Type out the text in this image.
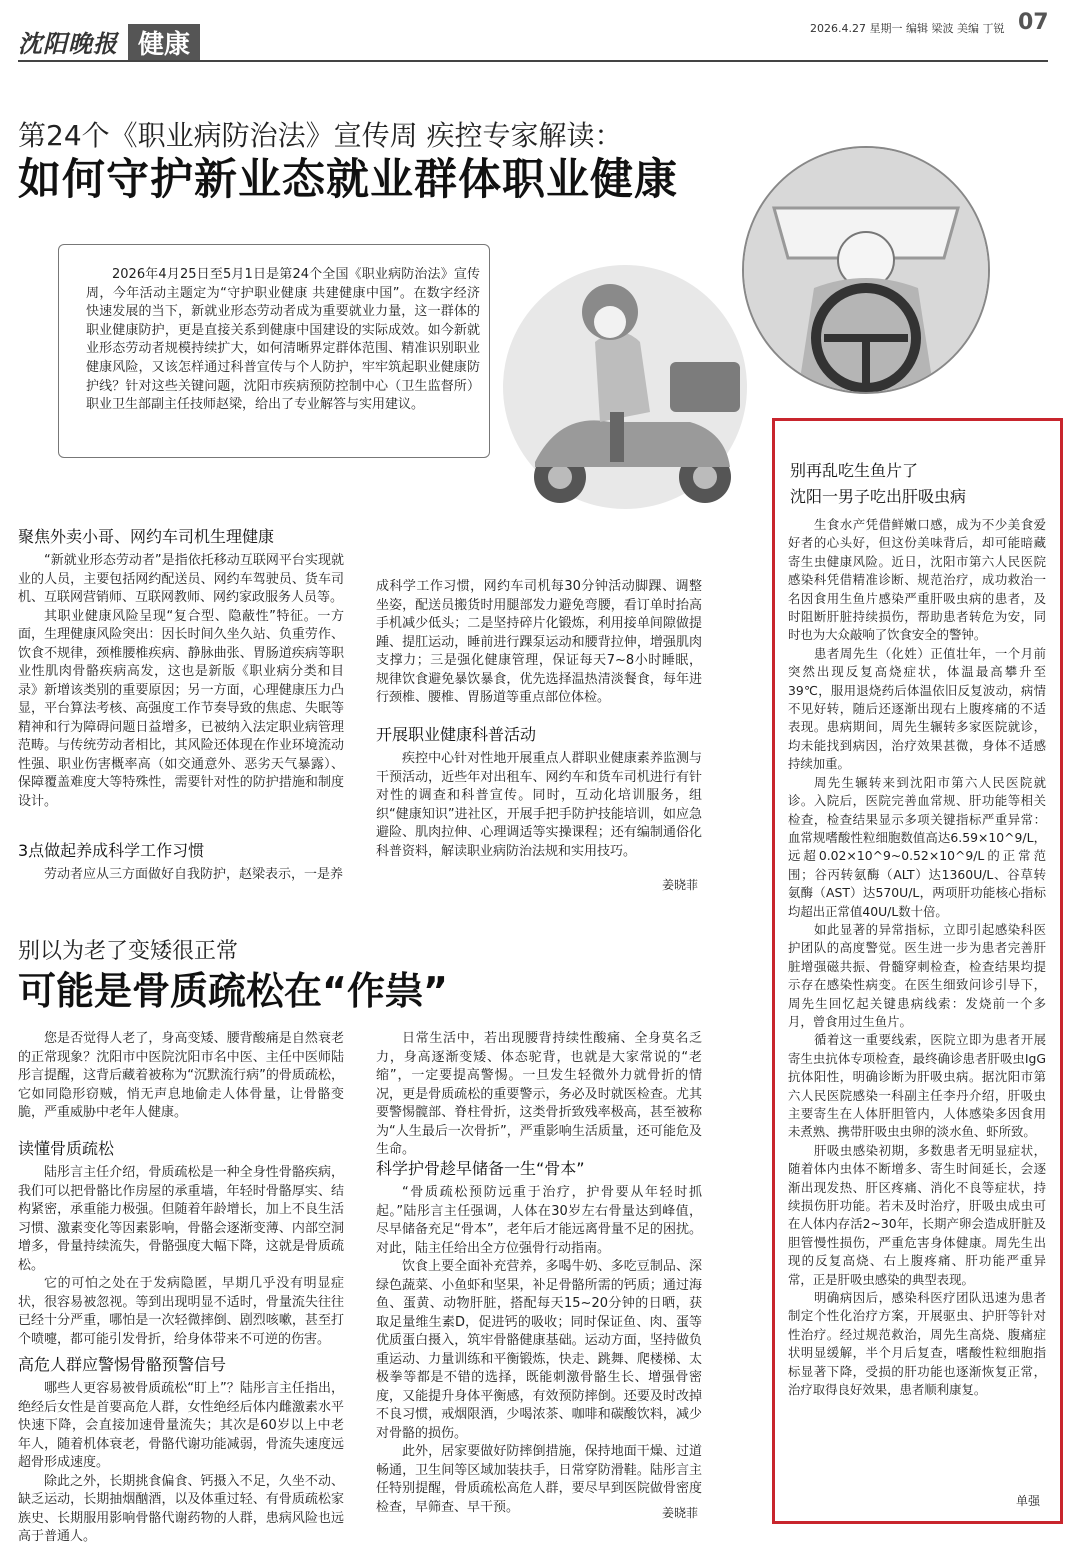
沈阳晚报 健康
2026.4.27 星期一 编辑 梁波 美编 丁锐 07
第24个《职业病防治法》宣传周 疾控专家解读：
如何守护新业态就业群体职业健康
2026年4月25日至5月1日是第24个全国《职业病防治法》宣传周，今年活动主题定为“守护职业健康 共建健康中国”。在数字经济快速发展的当下，新就业形态劳动者成为重要就业力量，这一群体的职业健康防护，更是直接关系到健康中国建设的实际成效。如今新就业形态劳动者规模持续扩大，如何清晰界定群体范围、精准识别职业健康风险，又该怎样通过科普宣传与个人防护，牢牢筑起职业健康防护线？针对这些关键问题，沈阳市疾病预防控制中心（卫生监督所）职业卫生部副主任技师赵梁，给出了专业解答与实用建议。
聚焦外卖小哥、网约车司机生理健康

“新就业形态劳动者”是指依托移动互联网平台实现就业的人员，主要包括网约配送员、网约车驾驶员、货车司机、互联网营销师、互联网教师、网约家政服务人员等。

其职业健康风险呈现“复合型、隐蔽性”特征。一方面，生理健康风险突出：因长时间久坐久站、负重劳作、饮食不规律，颈椎腰椎疾病、静脉曲张、胃肠道疾病等职业性肌肉骨骼疾病高发，这也是新版《职业病分类和目录》新增该类别的重要原因；另一方面，心理健康压力凸显，平台算法考核、高强度工作节奏导致的焦虑、失眠等精神和行为障碍问题日益增多，已被纳入法定职业病管理范畴。与传统劳动者相比，其风险还体现在作业环境流动性强、职业伤害概率高（如交通意外、恶劣天气暴露）、保障覆盖难度大等特殊性，需要针对性的防护措施和制度设计。

3点做起养成科学工作习惯

劳动者应从三方面做好自我防护，赵梁表示，一是养

成科学工作习惯，网约车司机每30分钟活动脚踝、调整坐姿，配送员搬货时用腿部发力避免弯腰，看订单时抬高手机减少低头；二是坚持碎片化锻炼，利用接单间隙做提踵、提肛运动，睡前进行踝泵运动和腰背拉伸，增强肌肉支撑力；三是强化健康管理，保证每天7~8小时睡眠，规律饮食避免暴饮暴食，优先选择温热清淡餐食，每年进行颈椎、腰椎、胃肠道等重点部位体检。

开展职业健康科普活动

疾控中心针对性地开展重点人群职业健康素养监测与干预活动，近些年对出租车、网约车和货车司机进行有针对性的调查和科普宣传。同时，互动化培训服务，组织“健康知识”进社区，开展手把手防护技能培训，如应急避险、肌肉拉伸、心理调适等实操课程；还有编制通俗化科普资料，解读职业病防治法规和实用技巧。

姜晓菲
别以为老了变矮很正常
可能是骨质疏松在“作祟”

您是否觉得人老了，身高变矮、腰背酸痛是自然衰老的正常现象？沈阳市中医院沈阳市名中医、主任中医师陆彤言提醒，这背后藏着被称为“沉默流行病”的骨质疏松，它如同隐形窃贼，悄无声息地偷走人体骨量，让骨骼变脆，严重威胁中老年人健康。

读懂骨质疏松

陆彤言主任介绍，骨质疏松是一种全身性骨骼疾病，我们可以把骨骼比作房屋的承重墙，年轻时骨骼厚实、结构紧密，承重能力极强。但随着年龄增长，加上不良生活习惯、激素变化等因素影响，骨骼会逐渐变薄、内部空洞增多，骨量持续流失，骨骼强度大幅下降，这就是骨质疏松。

它的可怕之处在于发病隐匿，早期几乎没有明显症状，很容易被忽视。等到出现明显不适时，骨量流失往往已经十分严重，哪怕是一次轻微摔倒、剧烈咳嗽，甚至打个喷嚏，都可能引发骨折，给身体带来不可逆的伤害。

高危人群应警惕骨骼预警信号

哪些人更容易被骨质疏松“盯上”？陆彤言主任指出，绝经后女性是首要高危人群，女性绝经后体内雌激素水平快速下降，会直接加速骨量流失；其次是60岁以上中老年人，随着机体衰老，骨骼代谢功能减弱，骨流失速度远超骨形成速度。

除此之外，长期挑食偏食、钙摄入不足，久坐不动、缺乏运动，长期抽烟酗酒，以及体重过轻、有骨质疏松家族史、长期服用影响骨骼代谢药物的人群，患病风险也远高于普通人。

日常生活中，若出现腰背持续性酸痛、全身莫名乏力，身高逐渐变矮、体态驼背，也就是大家常说的“老缩”，一定要提高警惕。一旦发生轻微外力就骨折的情况，更是骨质疏松的重要警示，务必及时就医检查。尤其要警惕髋部、脊柱骨折，这类骨折致残率极高，甚至被称为“人生最后一次骨折”，严重影响生活质量，还可能危及生命。

科学护骨趁早储备一生“骨本”

“骨质疏松预防远重于治疗，护骨要从年轻时抓起。”陆彤言主任强调，人体在30岁左右骨量达到峰值，尽早储备充足“骨本”，老年后才能远离骨量不足的困扰。对此，陆主任给出全方位强骨行动指南。

饮食上要全面补充营养，多喝牛奶、多吃豆制品、深绿色蔬菜、小鱼虾和坚果，补足骨骼所需的钙质；通过海鱼、蛋黄、动物肝脏，搭配每天15~20分钟的日晒，获取足量维生素D，促进钙的吸收；同时保证鱼、肉、蛋等优质蛋白摄入，筑牢骨骼健康基础。运动方面，坚持做负重运动、力量训练和平衡锻炼，快走、跳舞、爬楼梯、太极拳等都是不错的选择，既能刺激骨骼生长、增强骨密度，又能提升身体平衡感，有效预防摔倒。还要及时改掉不良习惯，戒烟限酒，少喝浓茶、咖啡和碳酸饮料，减少对骨骼的损伤。

此外，居家要做好防摔倒措施，保持地面干燥、过道畅通，卫生间等区域加装扶手，日常穿防滑鞋。陆彤言主任特别提醒，骨质疏松高危人群，要尽早到医院做骨密度检查，早筛查、早干预。	姜晓菲
别再乱吃生鱼片了
沈阳一男子吃出肝吸虫病

生食水产凭借鲜嫩口感，成为不少美食爱好者的心头好，但这份美味背后，却可能暗藏寄生虫健康风险。近日，沈阳市第六人民医院感染科凭借精准诊断、规范治疗，成功救治一名因食用生鱼片感染严重肝吸虫病的患者，及时阻断肝脏持续损伤，帮助患者转危为安，同时也为大众敲响了饮食安全的警钟。

患者周先生（化姓）正值壮年，一个月前突然出现反复高烧症状，体温最高攀升至39℃，服用退烧药后体温依旧反复波动，病情不见好转，随后还逐渐出现右上腹疼痛的不适表现。患病期间，周先生辗转多家医院就诊，均未能找到病因，治疗效果甚微，身体不适感持续加重。

周先生辗转来到沈阳市第六人民医院就诊。入院后，医院完善血常规、肝功能等相关检查，检查结果显示多项关键指标严重异常：血常规嗜酸性粒细胞数值高达6.59×10^9/L，远超0.02×10^9~0.52×10^9/L的正常范围；谷丙转氨酶（ALT）达1360U/L、谷草转氨酶（AST）达570U/L，两项肝功能核心指标均超出正常值40U/L数十倍。

如此显著的异常指标，立即引起感染科医护团队的高度警觉。医生进一步为患者完善肝脏增强磁共振、骨髓穿刺检查，检查结果均提示存在感染性病变。在医生细致问诊引导下，周先生回忆起关键患病线索：发烧前一个多月，曾食用过生鱼片。

循着这一重要线索，医院立即为患者开展寄生虫抗体专项检查，最终确诊患者肝吸虫IgG抗体阳性，明确诊断为肝吸虫病。据沈阳市第六人民医院感染一科副主任李丹介绍，肝吸虫主要寄生在人体肝胆管内，人体感染多因食用未煮熟、携带肝吸虫虫卵的淡水鱼、虾所致。

肝吸虫感染初期，多数患者无明显症状，随着体内虫体不断增多、寄生时间延长，会逐渐出现发热、肝区疼痛、消化不良等症状，持续损伤肝功能。若未及时治疗，肝吸虫成虫可在人体内存活2~30年，长期产卵会造成肝脏及胆管慢性损伤，严重危害身体健康。周先生出现的反复高烧、右上腹疼痛、肝功能严重异常，正是肝吸虫感染的典型表现。

明确病因后，感染科医疗团队迅速为患者制定个性化治疗方案，开展驱虫、护肝等针对性治疗。经过规范救治，周先生高烧、腹痛症状明显缓解，半个月后复查，嗜酸性粒细胞指标显著下降，受损的肝功能也逐渐恢复正常，治疗取得良好效果，患者顺利康复。

单强
